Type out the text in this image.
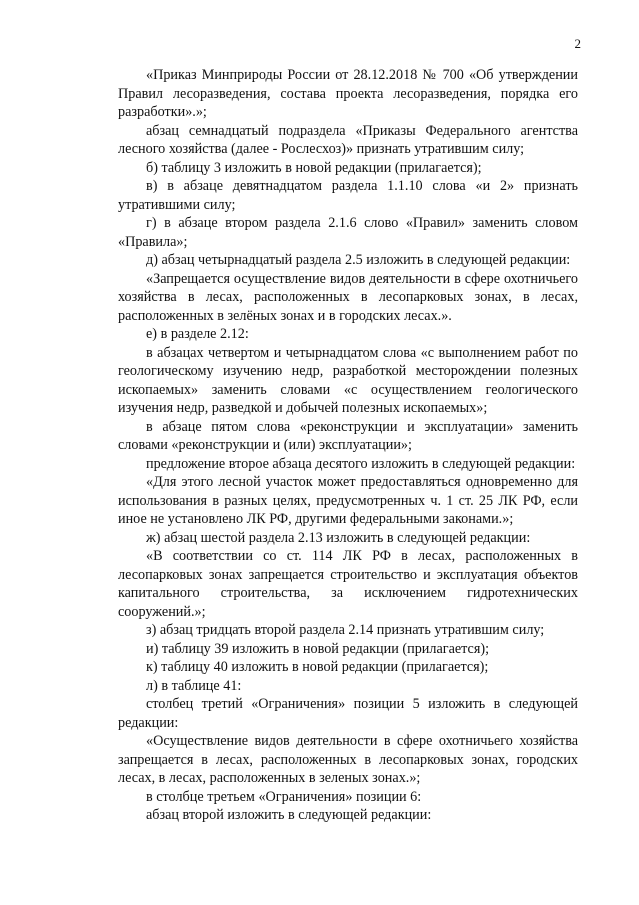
2

«Приказ Минприроды России от 28.12.2018 № 700 «Об утверждении Правил лесоразведения, состава проекта лесоразведения, порядка его разработки».»;

абзац семнадцатый подраздела «Приказы Федерального агентства лесного хозяйства (далее - Рослесхоз)» признать утратившим силу;

б) таблицу 3 изложить в новой редакции (прилагается);

в) в абзаце девятнадцатом раздела 1.1.10 слова «и 2» признать утратившими силу;

г) в абзаце втором раздела 2.1.6 слово «Правил» заменить словом «Правила»;

д) абзац четырнадцатый раздела 2.5 изложить в следующей редакции:

«Запрещается осуществление видов деятельности в сфере охотничьего хозяйства в лесах, расположенных в лесопарковых зонах, в лесах, расположенных в зелёных зонах и в городских лесах.».

е) в разделе 2.12:

в абзацах четвертом и четырнадцатом слова «с выполнением работ по геологическому изучению недр, разработкой месторождении полезных ископаемых» заменить словами «с осуществлением геологического изучения недр, разведкой и добычей полезных ископаемых»;

в абзаце пятом слова «реконструкции и эксплуатации» заменить словами «реконструкции и (или) эксплуатации»;

предложение второе абзаца десятого изложить в следующей редакции:

«Для этого лесной участок может предоставляться одновременно для использования в разных целях, предусмотренных ч. 1 ст. 25 ЛК РФ, если иное не установлено ЛК РФ, другими федеральными законами.»;

ж) абзац шестой раздела 2.13 изложить в следующей редакции:

«В соответствии со ст. 114 ЛК РФ в лесах, расположенных в лесопарковых зонах запрещается строительство и эксплуатация объектов капитального строительства, за исключением гидротехнических сооружений.»;

з) абзац тридцать второй раздела 2.14 признать утратившим силу;

и) таблицу 39 изложить в новой редакции (прилагается);

к) таблицу 40 изложить в новой редакции (прилагается);

л) в таблице 41:

столбец третий «Ограничения» позиции 5 изложить в следующей редакции:

«Осуществление видов деятельности в сфере охотничьего хозяйства запрещается в лесах, расположенных в лесопарковых зонах, городских лесах, в лесах, расположенных в зеленых зонах.»;

в столбце третьем «Ограничения» позиции 6:

абзац второй изложить в следующей редакции:
